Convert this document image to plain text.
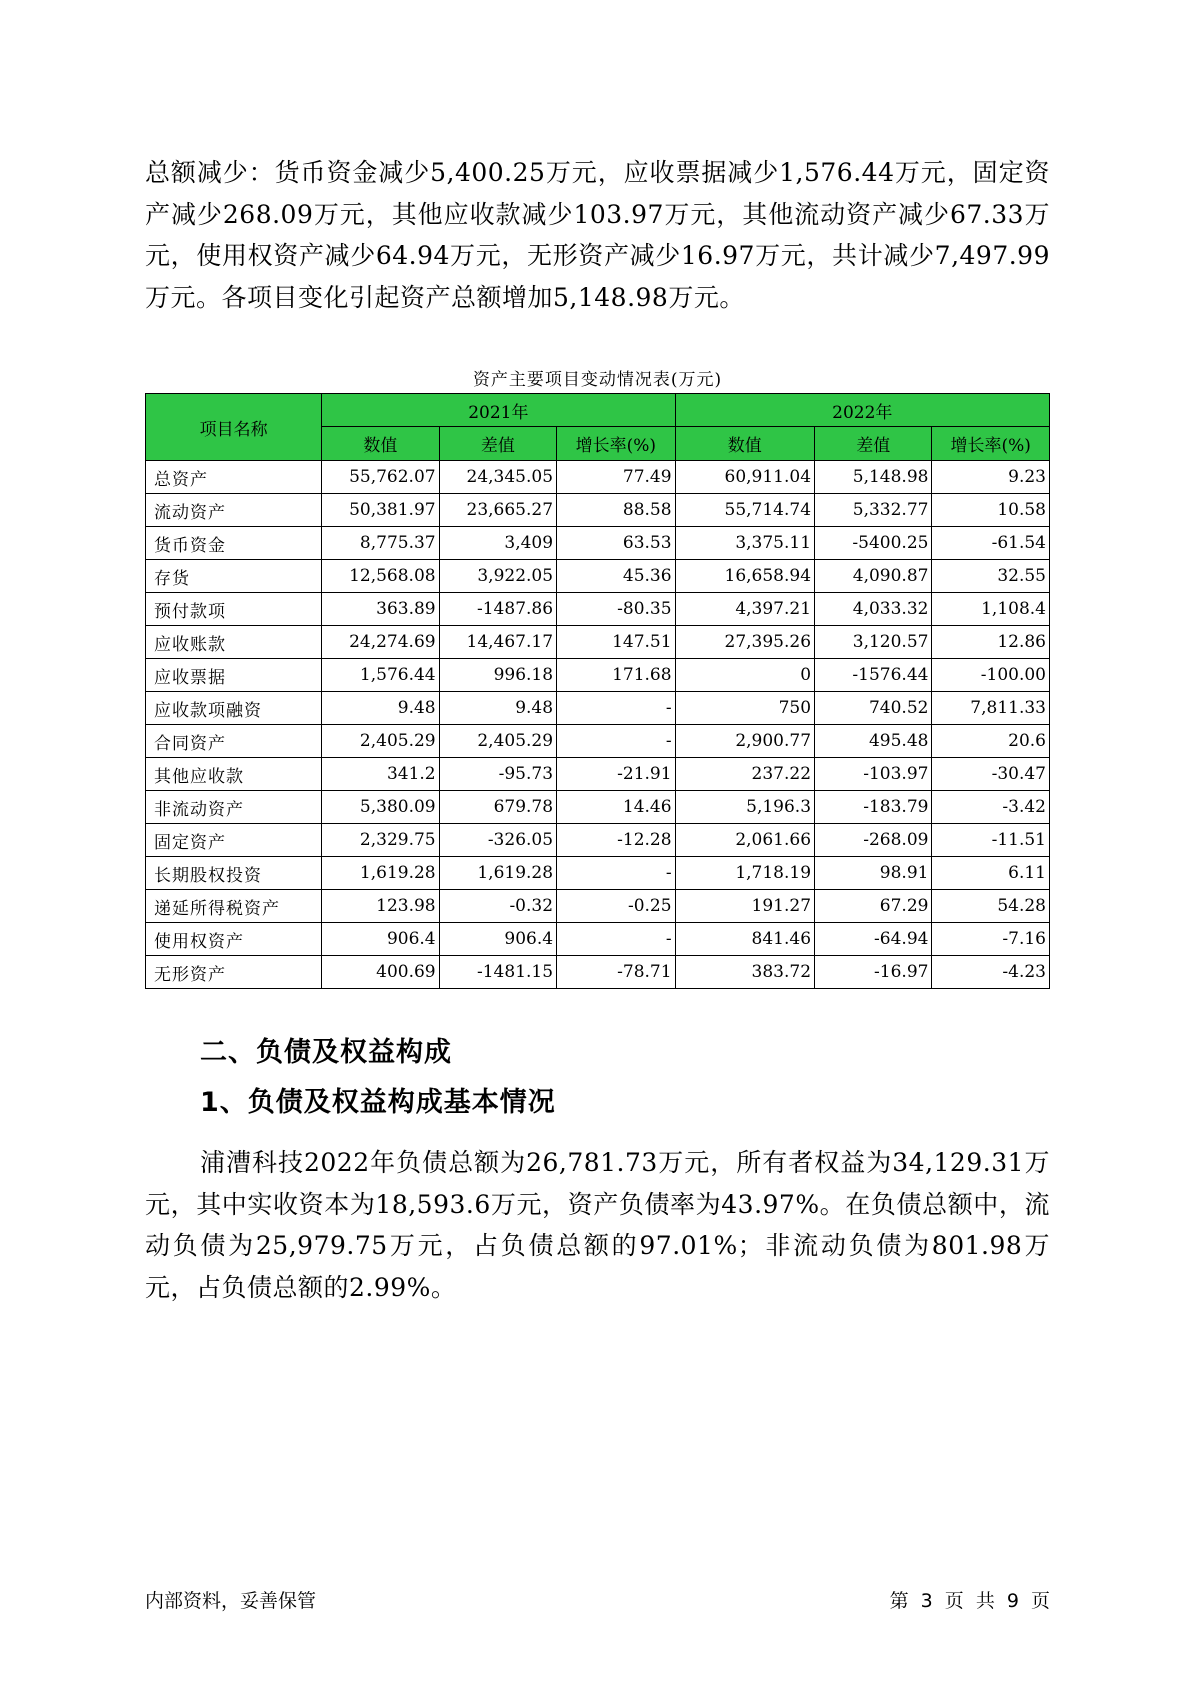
总额减少：货币资金减少5,400.25万元，应收票据减少1,576.44万元，固定资产减少268.09万元，其他应收款减少103.97万元，其他流动资产减少67.33万元，使用权资产减少64.94万元，无形资产减少16.97万元，共计减少7,497.99万元。各项目变化引起资产总额增加5,148.98万元。

资产主要项目变动情况表(万元)
项目名称	2021年			2022年		
	数值	差值	增长率(%)	数值	差值	增长率(%)
总资产	55,762.07	24,345.05	77.49	60,911.04	5,148.98	9.23
流动资产	50,381.97	23,665.27	88.58	55,714.74	5,332.77	10.58
货币资金	8,775.37	3,409	63.53	3,375.11	-5400.25	-61.54
存货	12,568.08	3,922.05	45.36	16,658.94	4,090.87	32.55
预付款项	363.89	-1487.86	-80.35	4,397.21	4,033.32	1,108.4
应收账款	24,274.69	14,467.17	147.51	27,395.26	3,120.57	12.86
应收票据	1,576.44	996.18	171.68	0	-1576.44	-100.00
应收款项融资	9.48	9.48	-	750	740.52	7,811.33
合同资产	2,405.29	2,405.29	-	2,900.77	495.48	20.6
其他应收款	341.2	-95.73	-21.91	237.22	-103.97	-30.47
非流动资产	5,380.09	679.78	14.46	5,196.3	-183.79	-3.42
固定资产	2,329.75	-326.05	-12.28	2,061.66	-268.09	-11.51
长期股权投资	1,619.28	1,619.28	-	1,718.19	98.91	6.11
递延所得税资产	123.98	-0.32	-0.25	191.27	67.29	54.28
使用权资产	906.4	906.4	-	841.46	-64.94	-7.16
无形资产	400.69	-1481.15	-78.71	383.72	-16.97	-4.23
二、负债及权益构成
1、负债及权益构成基本情况

浦漕科技2022年负债总额为26,781.73万元，所有者权益为34,129.31万元，其中实收资本为18,593.6万元，资产负债率为43.97%。在负债总额中，流动负债为25,979.75万元，占负债总额的97.01%；非流动负债为801.98万元，占负债总额的2.99%。

内部资料，妥善保管	第 3 页 共 9 页
